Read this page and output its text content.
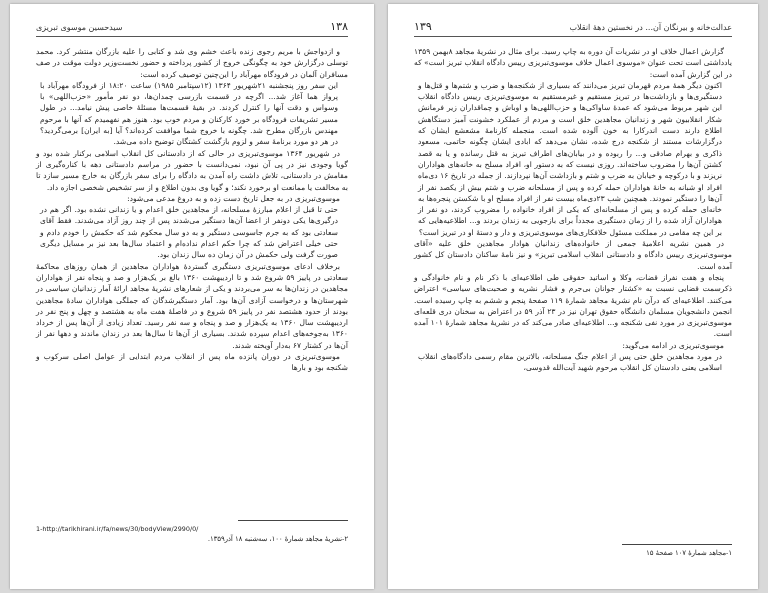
۱۳۸
سیدحسین موسوی تبریزی

و ازدواجش با مریم رجوی زنده باعث خشم وی شد و کتابی را علیه بازرگان منتشر کرد. محمد توسلی درگزارش خود به چگونگی خروج از کشور پرداخته و حضور نخست‌وزیر دولت موقت در صف مسافران آلمان در فرودگاه مهرآباد را این‌چنین توصیف کرده است:

این سفر روز پنجشنبه ۲۱شهریور ۱۳۶۴ (۱۲سپتامبر ۱۹۸۵) ساعت ۱۸:۲۰ از فرودگاه مهرآباد با پرواز هما آغاز شد... اگرچه در قسمت بازرسی چمدان‌ها، دو نفر مأمور «حزب‌اللهی» با وسواس و دقت آنها را کنترل کردند. در بقیهٔ قسمت‌ها مسئلهٔ خاصی پیش نیامد... در طول مسیر تشریفات فرودگاه بر خورد کارکنان و مردم خوب بود. هنوز هم نفهمیدم که آنها با مرحوم مهندس بازرگان مطرح شد. چگونه با خروج شما موافقت کرده‌اند؟ آیا [به ایران] برمی‌گردید؟ در هر دو مورد برنامهٔ سفر و لزوم بازگشت کشتگان توضیح داده می‌شد.

در شهریور ۱۳۶۴ موسوی‌تبریزی در حالی که از دادستانی کل انقلاب اسلامی برکنار شده بود و گویا وجودی نیز در پی آن نبود، نمی‌دانست با حضور در مراسم دادستانی دهه با کناره‌گیری از مقامش در دادستانی، تلاش داشت راه آمدن به دادگاه را برای سفر بازرگان به خارج مسیر سازد تا به مخالفت یا ممانعت او برخورد نکند؛ و گویا وی بدون اطلاع و از سر تشخیص شخصی اجازه داد.

موسوی‌تبریزی در به جعل تاریخ دست زده و به دروغ مدعی می‌شود:

حتی تا قبل از اعلام مبارزهٔ مسلحانه، از مجاهدین خلق اعدام و یا زندانی نشده بود. اگر هم در درگیری‌ها یکی دونفر از اعضا آن‌ها دستگیر می‌شدند پس از چند روز آزاد می‌شدند. فقط آقای سعادتی بود که به جرم جاسوسی دستگیر و به دو سال محکوم شد که حکمش را خودم دادم و حتی خیلی اعتراض شد که چرا حکم اعدام نداده‌ام و اعتماد سال‌ها بعد نیز بر مسایل دیگری صورت گرفت ولی حکمش در آن زمان ده سال زندان بود.

برخلاف ادعای موسوی‌تبریزی دستگیری گستردهٔ هواداران مجاهدین از همان روزهای محاکمهٔ سعادتی در پاییز ۵۹ شروع شد و تا اردیبهشت ۱۳۶۰ بالغ بر یک‌هزار و صد و پنجاه نفر از هواداران مجاهدین در زندان‌ها به سر می‌بردند و یکی از شعارهای نشریهٔ مجاهد ارائهٔ آمار زندانیان سیاسی در شهرستان‌ها و درخواست آزادی آن‌ها بود. آمار دستگیرشدگان که جملگی هواداران سادهٔ مجاهدین بودند از حدود هشتصد نفر در پاییز ۵۹ شروع و در فاصلهٔ هفت ماه به هشتصد و چهل و پنج نفر در اردیبهشت سال ۱۳۶۰ به یک‌هزار و صد و پنجاه و سه نفر رسید. تعداد زیادی از آن‌ها پس از خرداد ۱۳۶۰ به‌جوخه‌های اعدام سپرده شدند. بسیاری از آن‌ها تا سال‌ها بعد در زندان ماندند و دهها نفر از آن‌ها در کشتار ۶۷ به‌دار آویخته شدند.

موسوی‌تبریزی در دوران پانزده ماه پس از انقلاب مردم ابتدایی از عوامل اصلی سرکوب و شکنجه بود و بارها

1-http://tarikhirani.ir/fa/news/30/bodyView/2990/0/
۲-نشریهٔ مجاهد شمارهٔ ۱۰۰، سه‌شنبه ۱۸ آذر۱۳۵۹.
۱۳۹	عدالت‌خانه و بیرنگان آن... در نخستین دههٔ انقلاب

گزارش اعمال خلاف او در نشریات آن دوره به چاپ رسید. برای مثال در نشریهٔ مجاهد ۸بهمن ۱۳۵۹ یادداشتی است تحت عنوان «موسوی اعمال خلاف موسوی‌تبریزی رییس دادگاه انقلاب تبریز است» که در این گزارش آمده است:

اکنون دیگر همهٔ مردم قهرمان تبریز می‌دانند که بسیاری از شکنجه‌ها و ضرب و شتم‌ها و قتل‌ها و دستگیری‌ها و بازداشت‌ها در تبریز مستقیم و غیرمستقیم به موسوی‌تبریزی رییس دادگاه انقلاب این شهر مربوط می‌شود که عمدهٔ ساواکی‌ها و حزب‌اللهی‌ها و اوباش و چماقداران زیر فرمانش شکار انقلابیون شهر و زندانیان مجاهدین خلق است و مردم از عملکرد خشونت آمیز دستگاهش اطلاع دارند دست اندرکارا به خون آلوده شده است. منجمله کارنامهٔ مشعشع ایشان که درگزارشات مستند از شکنجه درج شده، نشان می‌دهد که ابادی ایشان چگونه حاتمی، مسعود ذاکری و بهرام صادقی و... را ربوده و در بیابان‌های اطراف تبریز به قتل رسانده و یا به قصد کشتن آن‌ها را مضروب ساخته‌اند. روزی نیست که به دستور او، افراد مسلح به خانه‌های هواداران نریزند و با درکوچه و خیابان به ضرب و شتم و بازداشت آن‌ها نپردازند. از جمله در تاریخ ۱۶ دی‌ماه افراد او شبانه به خانهٔ هواداران حمله کرده و پس از مسلحانه ضرب و شتم بیش از یکصد نفر از آن‌ها را دستگیر نمودند. همچنین شب ۲۳دی‌ماه بیست نفر از افراد مسلح او با شکستن پنجره‌ها به خانه‌ای حمله کرده و پس از مسلحانه‌ای که یکی از افراد خانواده را مضروب کردند، دو نفر از هواداران آزاد شده را از زمان دستگیری مجدداً برای بازجویی به زندان بردند و... اطلاعیه‌هایی که بر این چه مقامی در مملکت مسئول خلافکاری‌های موسوی‌تبریزی و دار و دستهٔ او در تبریز است؟

در همین نشریه اعلامیهٔ جمعی از خانواده‌های زندانیان هوادار مجاهدین خلق علیه «آقای موسوی‌تبریزی رییس دادگاه و دادستانی انقلاب اسلامی تبریز» و نیز نامهٔ ساکنان دادستان کل کشور آمده است.

پنجاه و هفت نفراز قضات، وکلا و اساتید حقوقی طی اطلاعیه‌ای با ذکر نام و نام خانوادگی و ذکرسمت قضایی نسبت به «کشتار جوانان بی‌جرم و فشار نشریه و صحبت‌های سیاسی» اعتراض می‌کنند. اطلاعیه‌ای که درآن نام نشریهٔ مجاهد شمارهٔ ۱۱۹ صفحهٔ پنجم و ششم به چاپ رسیده است. انجمن دانشجویان مسلمان دانشگاه حقوق تهران نیز در ۲۳ آذر ۵۹ در اعتراض به سخنان دری قلعه‌ای موسوی‌تبریزی در مورد نفی شکنجه و... اطلاعیه‌ای صادر می‌کند که در نشریهٔ مجاهد شمارهٔ ۱۰۱ آمده است.

موسوی‌تبریزی در ادامه می‌گوید:

در مورد مجاهدین خلق حتی پس از اعلام جنگ مسلحانه، بالاترین مقام رسمی دادگاه‌های انقلاب اسلامی یعنی دادستان کل انقلاب مرحوم شهید آیت‌الله قدوسی،

۱-مجاهد شمارهٔ ۱۰۷ صفحهٔ ۱۵
